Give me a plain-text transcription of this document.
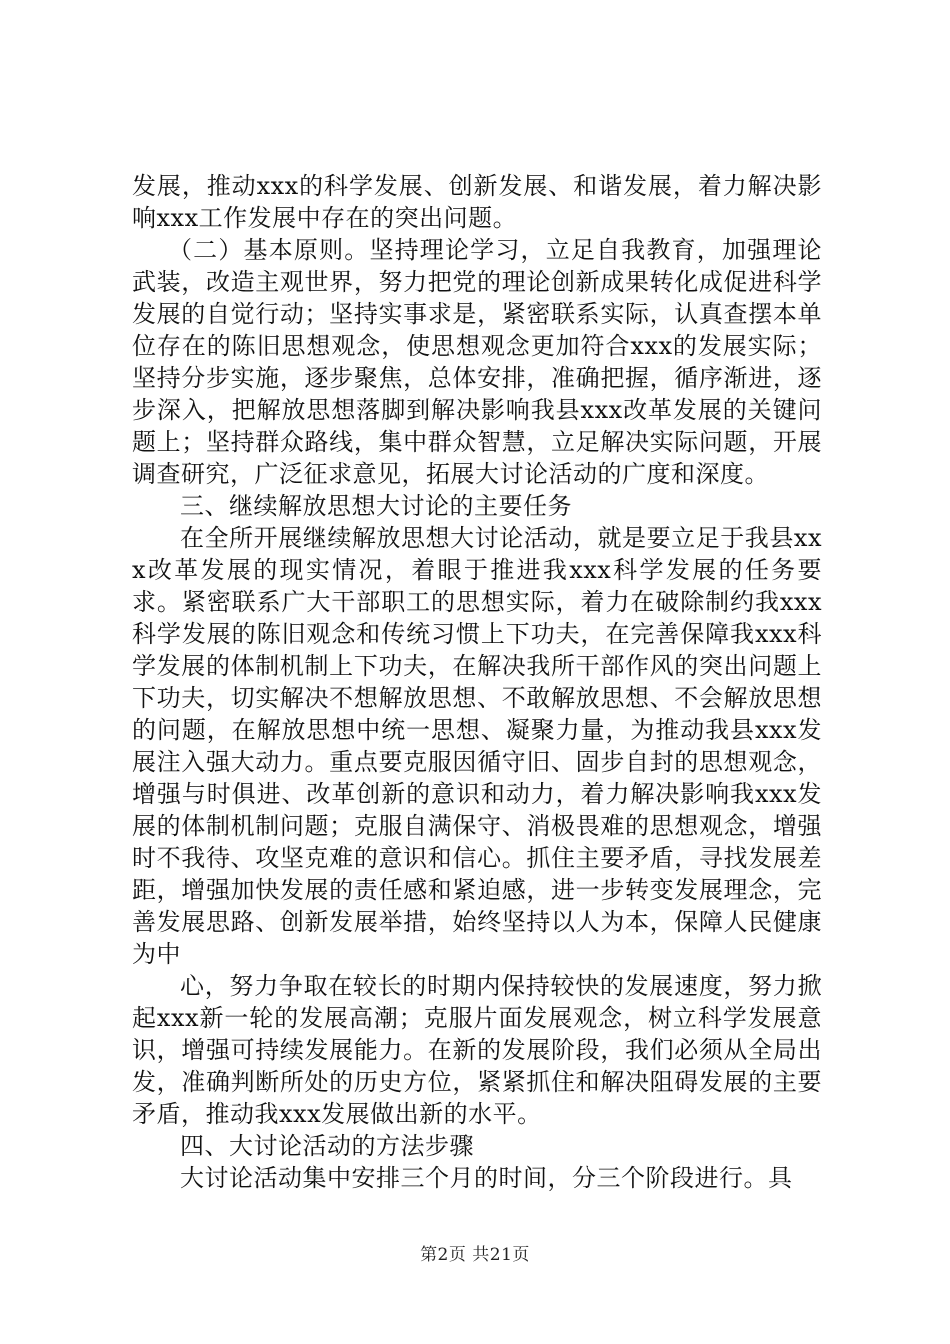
发展，推动xxx的科学发展、创新发展、和谐发展，着力解决影响xxx工作发展中存在的突出问题。

（二）基本原则。坚持理论学习，立足自我教育，加强理论武装，改造主观世界，努力把党的理论创新成果转化成促进科学发展的自觉行动；坚持实事求是，紧密联系实际，认真查摆本单位存在的陈旧思想观念，使思想观念更加符合xxx的发展实际；坚持分步实施，逐步聚焦，总体安排，准确把握，循序渐进，逐步深入，把解放思想落脚到解决影响我县xxx改革发展的关键问题上；坚持群众路线，集中群众智慧，立足解决实际问题，开展调查研究，广泛征求意见，拓展大讨论活动的广度和深度。

三、继续解放思想大讨论的主要任务

在全所开展继续解放思想大讨论活动，就是要立足于我县xxx改革发展的现实情况，着眼于推进我xxx科学发展的任务要求。紧密联系广大干部职工的思想实际，着力在破除制约我xxx科学发展的陈旧观念和传统习惯上下功夫，在完善保障我xxx科学发展的体制机制上下功夫，在解决我所干部作风的突出问题上下功夫，切实解决不想解放思想、不敢解放思想、不会解放思想的问题，在解放思想中统一思想、凝聚力量，为推动我县xxx发展注入强大动力。重点要克服因循守旧、固步自封的思想观念，增强与时俱进、改革创新的意识和动力，着力解决影响我xxx发展的体制机制问题；克服自满保守、消极畏难的思想观念，增强时不我待、攻坚克难的意识和信心。抓住主要矛盾，寻找发展差距，增强加快发展的责任感和紧迫感，进一步转变发展理念，完善发展思路、创新发展举措，始终坚持以人为本，保障人民健康为中

心，努力争取在较长的时期内保持较快的发展速度，努力掀起xxx新一轮的发展高潮；克服片面发展观念，树立科学发展意识，增强可持续发展能力。在新的发展阶段，我们必须从全局出发，准确判断所处的历史方位，紧紧抓住和解决阻碍发展的主要矛盾，推动我xxx发展做出新的水平。

四、大讨论活动的方法步骤

大讨论活动集中安排三个月的时间，分三个阶段进行。具

第2页 共21页
